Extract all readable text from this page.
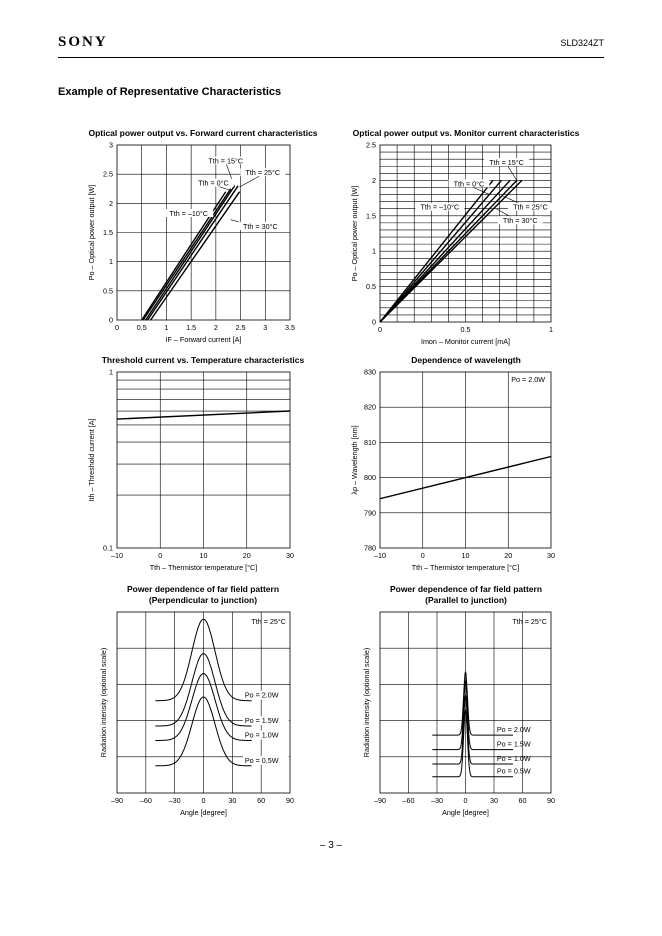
SONY	SLD324ZT
Example of Representative Characteristics
– 3 –
Optical power output vs. Forward current characteristics
0 0.5 1 1.5 2 2.5 3 3.5
0
0.5
1
1.5
2
2.5
3
IF – Forward current [A]
Po – Optical power output [W]
Tth = 15°C
Tth = 25°C
Tth = 0°C
Tth = –10°C
Tth = 30°C
Optical power output vs. Monitor current characteristics
0	0.5	1
0
0.5
1
1.5
2
2.5
Imon – Monitor current [mA]
Po – Optical power output [W]
Tth = 15°C
Tth = 0°C
Tth = –10°C	Tth = 25°C
Tth = 30°C
Threshold current vs. Temperature characteristics
–10	0	10	20	30
0.1
1
Tth – Thermistor temperature [°C]
Ith – Threshold current [A]
Dependence of wavelength
–10	0	10	20	30
780
790
800
810
820
830
Tth – Thermistor temperature [°C]
λp – Wavelength [nm]
Po = 2.0W
Power dependence of far field pattern
(Perpendicular to junction)
–90 –60 –30	0	30	60	90
Angle [degree]
Radiation intensity (optional scale)	Po = 2.0W
Po = 1.5W
Po = 1.0W
Po = 0.5W
Tth = 25°C
Power dependence of far field pattern
(Parallel to junction)
–90 –60 –30	0	30	60	90
Angle [degree]
Radiation intensity (optional scale)	Po = 2.0W
Po = 1.5W
Po = 1.0W
Po = 0.5W
Tth = 25°C
